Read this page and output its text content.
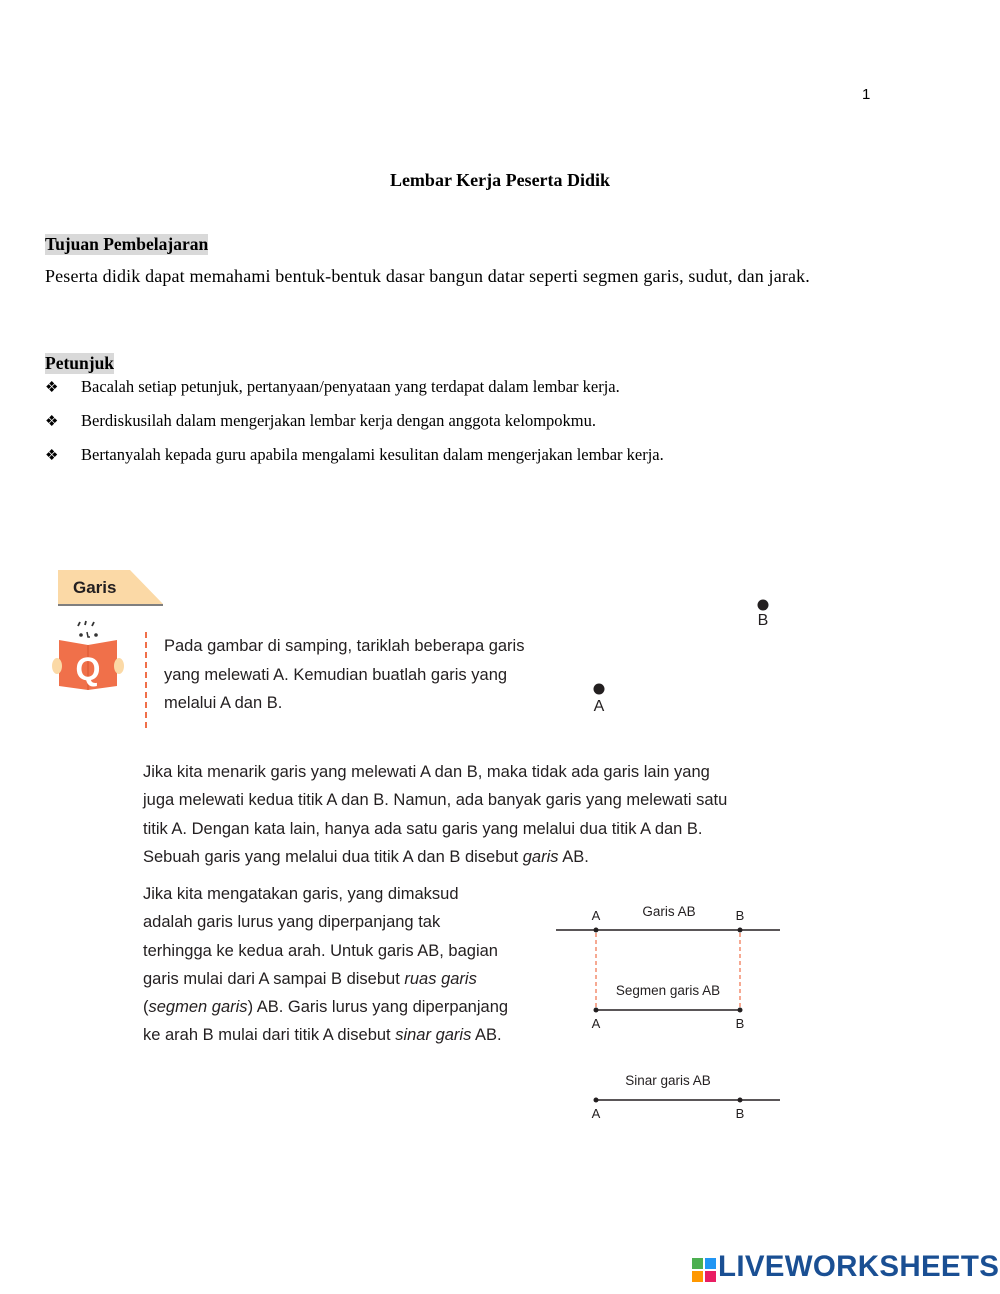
1
Lembar Kerja Peserta Didik
Tujuan Pembelajaran
Peserta didik dapat memahami bentuk-bentuk dasar bangun datar seperti segmen garis, sudut, dan jarak.
Petunjuk
❖ Bacalah setiap petunjuk, pertanyaan/penyataan yang terdapat dalam lembar kerja.
❖ Berdiskusilah dalam mengerjakan lembar kerja dengan anggota kelompokmu.
❖ Bertanyalah kepada guru apabila mengalami kesulitan dalam mengerjakan lembar kerja.
Garis
Q
Pada gambar di samping, tariklah beberapa garis
yang melewati A. Kemudian buatlah garis yang
melalui A dan B.
B
A
Jika kita menarik garis yang melewati A dan B, maka tidak ada garis lain yang
juga melewati kedua titik A dan B. Namun, ada banyak garis yang melewati satu
titik A. Dengan kata lain, hanya ada satu garis yang melalui dua titik A dan B.
Sebuah garis yang melalui dua titik A dan B disebut garis AB.
Jika kita mengatakan garis, yang dimaksud
adalah garis lurus yang diperpanjang tak
terhingga ke kedua arah. Untuk garis AB, bagian
garis mulai dari A sampai B disebut ruas garis
(segmen garis) AB. Garis lurus yang diperpanjang
ke arah B mulai dari titik A disebut sinar garis AB.
A	B
Garis AB
Segmen garis AB
A	B
Sinar garis AB
A	B
LIVEWORKSHEETS
